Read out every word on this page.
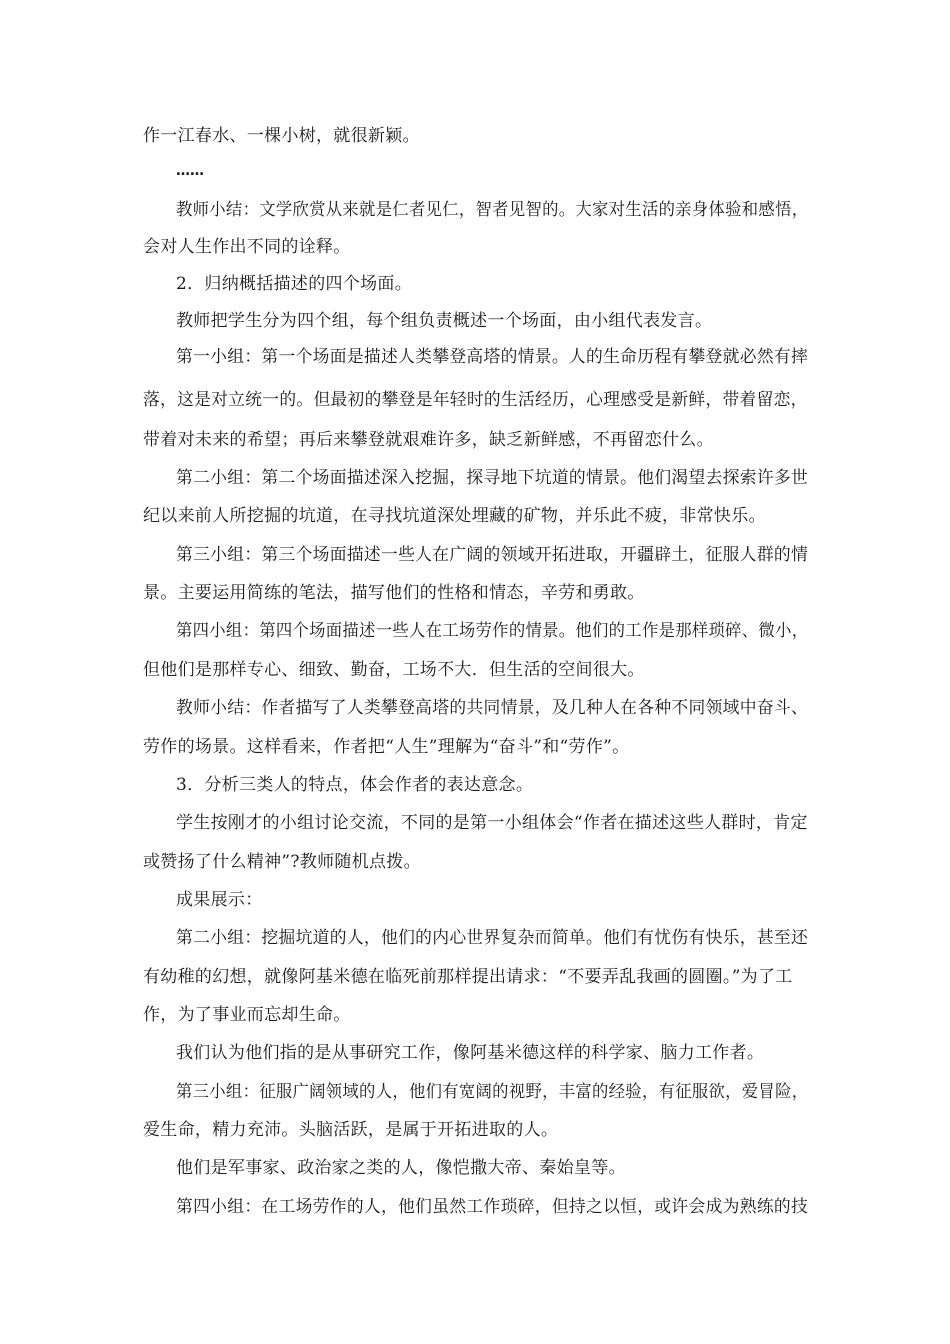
作一江春水、一棵小树，就很新颖。
……
教师小结：文学欣赏从来就是仁者见仁，智者见智的。大家对生活的亲身体验和感悟，
会对人生作出不同的诠释。
2．归纳概括描述的四个场面。
教师把学生分为四个组，每个组负责概述一个场面，由小组代表发言。
第一小组：第一个场面是描述人类攀登高塔的情景。人的生命历程有攀登就必然有摔
落，这是对立统一的。但最初的攀登是年轻时的生活经历，心理感受是新鲜，带着留恋，
带着对未来的希望；再后来攀登就艰难许多，缺乏新鲜感，不再留恋什么。
第二小组：第二个场面描述深入挖掘，探寻地下坑道的情景。他们渴望去探索许多世
纪以来前人所挖掘的坑道，在寻找坑道深处埋藏的矿物，并乐此不疲，非常快乐。
第三小组：第三个场面描述一些人在广阔的领域开拓进取，开疆辟土，征服人群的情
景。主要运用简练的笔法，描写他们的性格和情态，辛劳和勇敢。
第四小组：第四个场面描述一些人在工场劳作的情景。他们的工作是那样琐碎、微小，
但他们是那样专心、细致、勤奋，工场不大．但生活的空间很大。
教师小结：作者描写了人类攀登高塔的共同情景，及几种人在各种不同领域中奋斗、
劳作的场景。这样看来，作者把“人生”理解为“奋斗”和“劳作”。
3．分析三类人的特点，体会作者的表达意念。
学生按刚才的小组讨论交流，不同的是第一小组体会“作者在描述这些人群时，肯定
或赞扬了什么精神”?教师随机点拨。
成果展示：
第二小组：挖掘坑道的人，他们的内心世界复杂而简单。他们有忧伤有快乐，甚至还
有幼稚的幻想，就像阿基米德在临死前那样提出请求：“不要弄乱我画的圆圈。”为了工
作，为了事业而忘却生命。
我们认为他们指的是从事研究工作，像阿基米德这样的科学家、脑力工作者。
第三小组：征服广阔领域的人，他们有宽阔的视野，丰富的经验，有征服欲，爱冒险，
爱生命，精力充沛。头脑活跃，是属于开拓进取的人。
他们是军事家、政治家之类的人，像恺撒大帝、秦始皇等。
第四小组：在工场劳作的人，他们虽然工作琐碎，但持之以恒，或许会成为熟练的技
